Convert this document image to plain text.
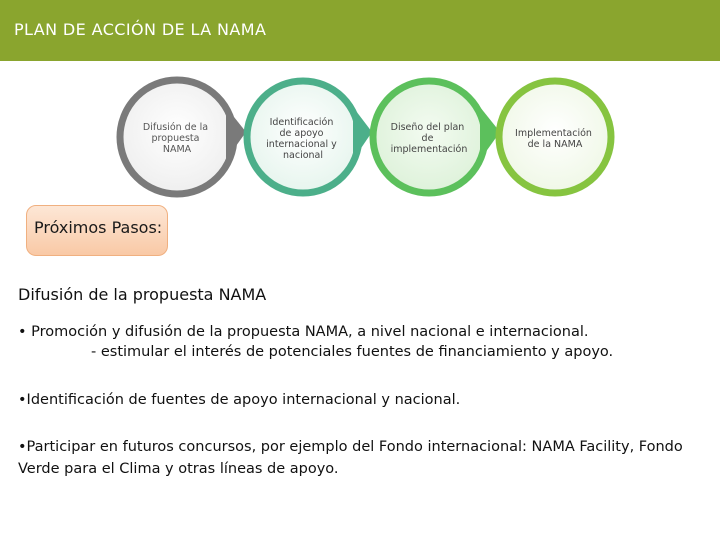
PLAN DE ACCIÓN DE LA NAMA
Difusión de la propuesta NAMA
Identificación de apoyo internacional y nacional
Diseño del plan de implementación
Implementación de la NAMA
Próximos Pasos:
Difusión de la propuesta NAMA
• Promoción y difusión de la propuesta NAMA, a nivel nacional e internacional.
- estimular el interés de potenciales fuentes de financiamiento y apoyo.
•Identificación de fuentes de apoyo internacional y nacional.
•Participar en futuros concursos, por ejemplo del Fondo internacional: NAMA Facility, Fondo Verde para el Clima y otras líneas de apoyo.
